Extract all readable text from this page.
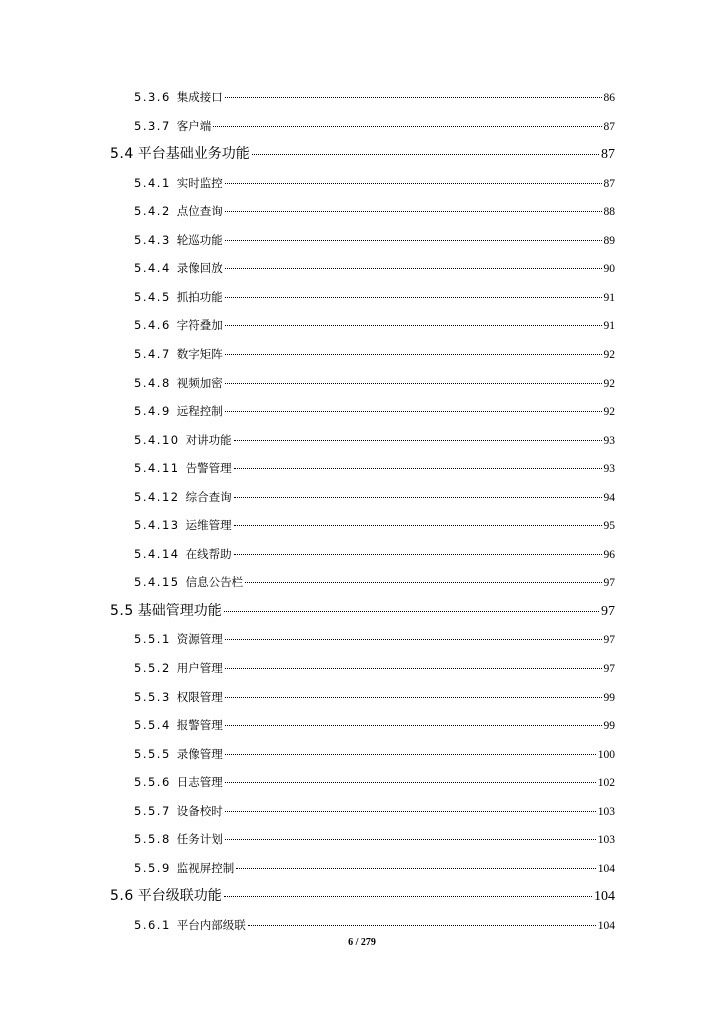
5.3.6 集成接口	86
5.3.7 客户端	87
5.4 平台基础业务功能	87
5.4.1 实时监控	87
5.4.2 点位查询	88
5.4.3 轮巡功能	89
5.4.4 录像回放	90
5.4.5 抓拍功能	91
5.4.6 字符叠加	91
5.4.7 数字矩阵	92
5.4.8 视频加密	92
5.4.9 远程控制	92
5.4.10 对讲功能	93
5.4.11 告警管理	93
5.4.12 综合查询	94
5.4.13 运维管理	95
5.4.14 在线帮助	96
5.4.15 信息公告栏	97
5.5 基础管理功能	97
5.5.1 资源管理	97
5.5.2 用户管理	97
5.5.3 权限管理	99
5.5.4 报警管理	99
5.5.5 录像管理	100
5.5.6 日志管理	102
5.5.7 设备校时	103
5.5.8 任务计划	103
5.5.9 监视屏控制	104
5.6 平台级联功能	104
5.6.1 平台内部级联	104
6 / 279
